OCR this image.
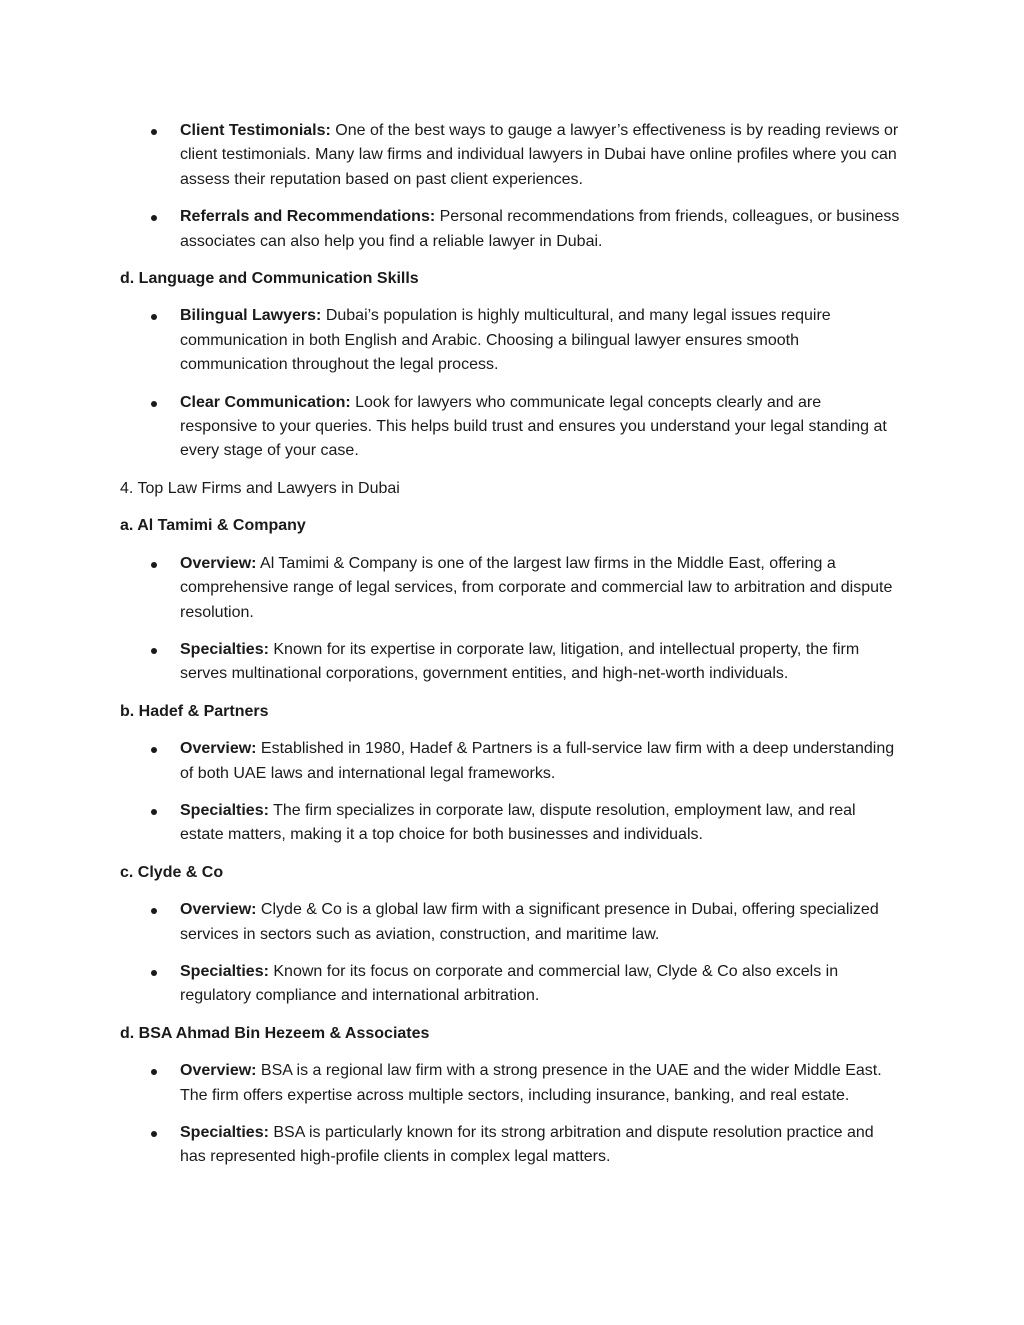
Client Testimonials: One of the best ways to gauge a lawyer’s effectiveness is by reading reviews or client testimonials. Many law firms and individual lawyers in Dubai have online profiles where you can assess their reputation based on past client experiences.
Referrals and Recommendations: Personal recommendations from friends, colleagues, or business associates can also help you find a reliable lawyer in Dubai.

d. Language and Communication Skills

Bilingual Lawyers: Dubai’s population is highly multicultural, and many legal issues require communication in both English and Arabic. Choosing a bilingual lawyer ensures smooth communication throughout the legal process.
Clear Communication: Look for lawyers who communicate legal concepts clearly and are responsive to your queries. This helps build trust and ensures you understand your legal standing at every stage of your case.

4. Top Law Firms and Lawyers in Dubai

a. Al Tamimi & Company

Overview: Al Tamimi & Company is one of the largest law firms in the Middle East, offering a comprehensive range of legal services, from corporate and commercial law to arbitration and dispute resolution.
Specialties: Known for its expertise in corporate law, litigation, and intellectual property, the firm serves multinational corporations, government entities, and high-net-worth individuals.

b. Hadef & Partners

Overview: Established in 1980, Hadef & Partners is a full-service law firm with a deep understanding of both UAE laws and international legal frameworks.
Specialties: The firm specializes in corporate law, dispute resolution, employment law, and real estate matters, making it a top choice for both businesses and individuals.

c. Clyde & Co

Overview: Clyde & Co is a global law firm with a significant presence in Dubai, offering specialized services in sectors such as aviation, construction, and maritime law.
Specialties: Known for its focus on corporate and commercial law, Clyde & Co also excels in regulatory compliance and international arbitration.

d. BSA Ahmad Bin Hezeem & Associates

Overview: BSA is a regional law firm with a strong presence in the UAE and the wider Middle East. The firm offers expertise across multiple sectors, including insurance, banking, and real estate.
Specialties: BSA is particularly known for its strong arbitration and dispute resolution practice and has represented high-profile clients in complex legal matters.
